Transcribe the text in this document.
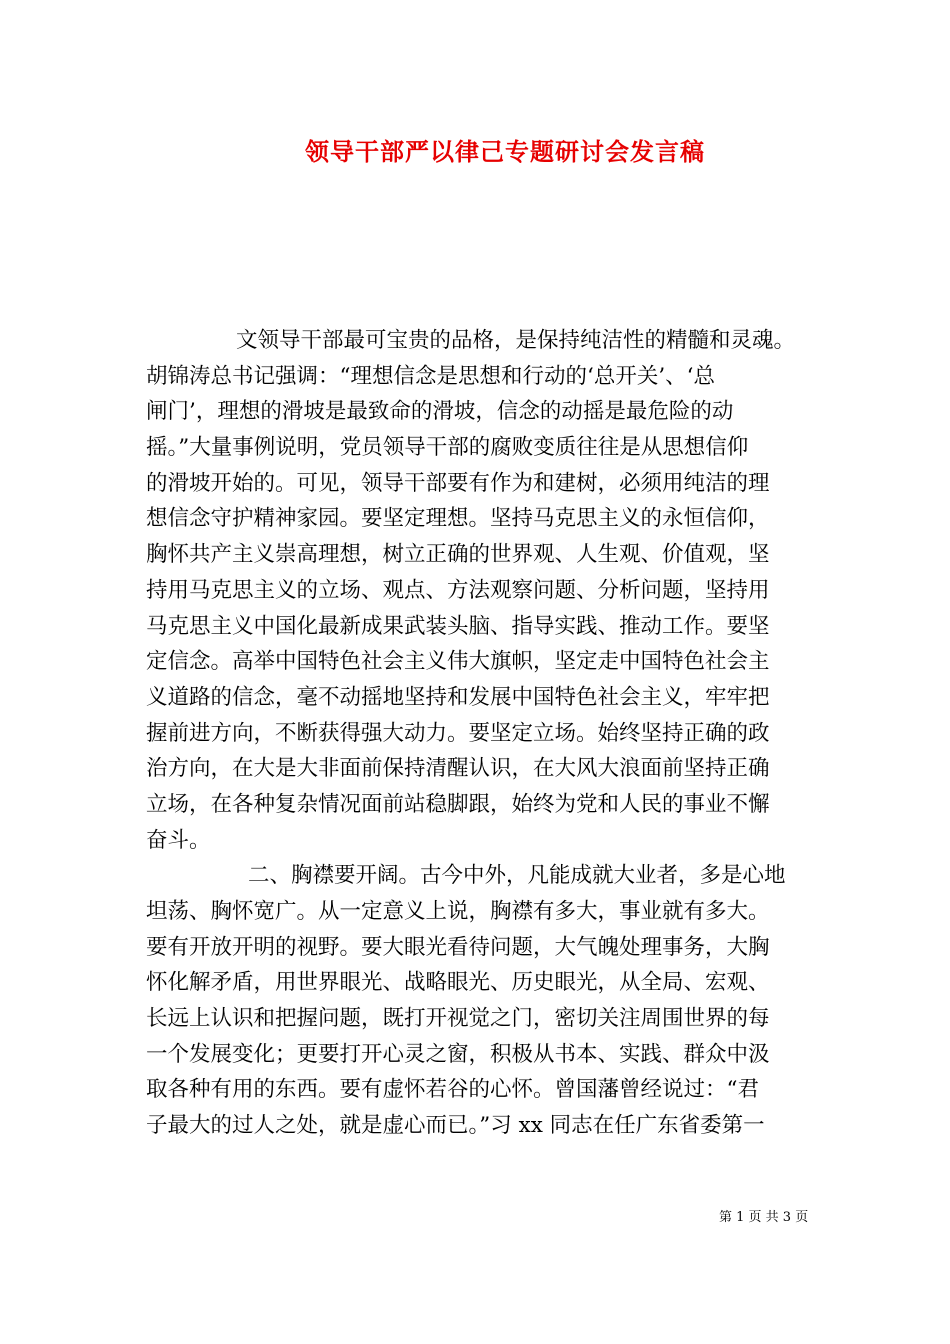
领导干部严以律己专题研讨会发言稿
文领导干部最可宝贵的品格，是保持纯洁性的精髓和灵魂。
胡锦涛总书记强调：“理想信念是思想和行动的‘总开关’、‘总
闸门’，理想的滑坡是最致命的滑坡，信念的动摇是最危险的动
摇。”大量事例说明，党员领导干部的腐败变质往往是从思想信仰
的滑坡开始的。可见，领导干部要有作为和建树，必须用纯洁的理
想信念守护精神家园。要坚定理想。坚持马克思主义的永恒信仰，
胸怀共产主义崇高理想，树立正确的世界观、人生观、价值观，坚
持用马克思主义的立场、观点、方法观察问题、分析问题，坚持用
马克思主义中国化最新成果武装头脑、指导实践、推动工作。要坚
定信念。高举中国特色社会主义伟大旗帜，坚定走中国特色社会主
义道路的信念，毫不动摇地坚持和发展中国特色社会主义，牢牢把
握前进方向，不断获得强大动力。要坚定立场。始终坚持正确的政
治方向，在大是大非面前保持清醒认识，在大风大浪面前坚持正确
立场，在各种复杂情况面前站稳脚跟，始终为党和人民的事业不懈
奋斗。
二、胸襟要开阔。古今中外，凡能成就大业者，多是心地
坦荡、胸怀宽广。从一定意义上说，胸襟有多大，事业就有多大。
要有开放开明的视野。要大眼光看待问题，大气魄处理事务，大胸
怀化解矛盾，用世界眼光、战略眼光、历史眼光，从全局、宏观、
长远上认识和把握问题，既打开视觉之门，密切关注周围世界的每
一个发展变化；更要打开心灵之窗，积极从书本、实践、群众中汲
取各种有用的东西。要有虚怀若谷的心怀。曾国藩曾经说过：“君
子最大的过人之处，就是虚心而已。”习 xx 同志在任广东省委第一
第 1 页 共 3 页
